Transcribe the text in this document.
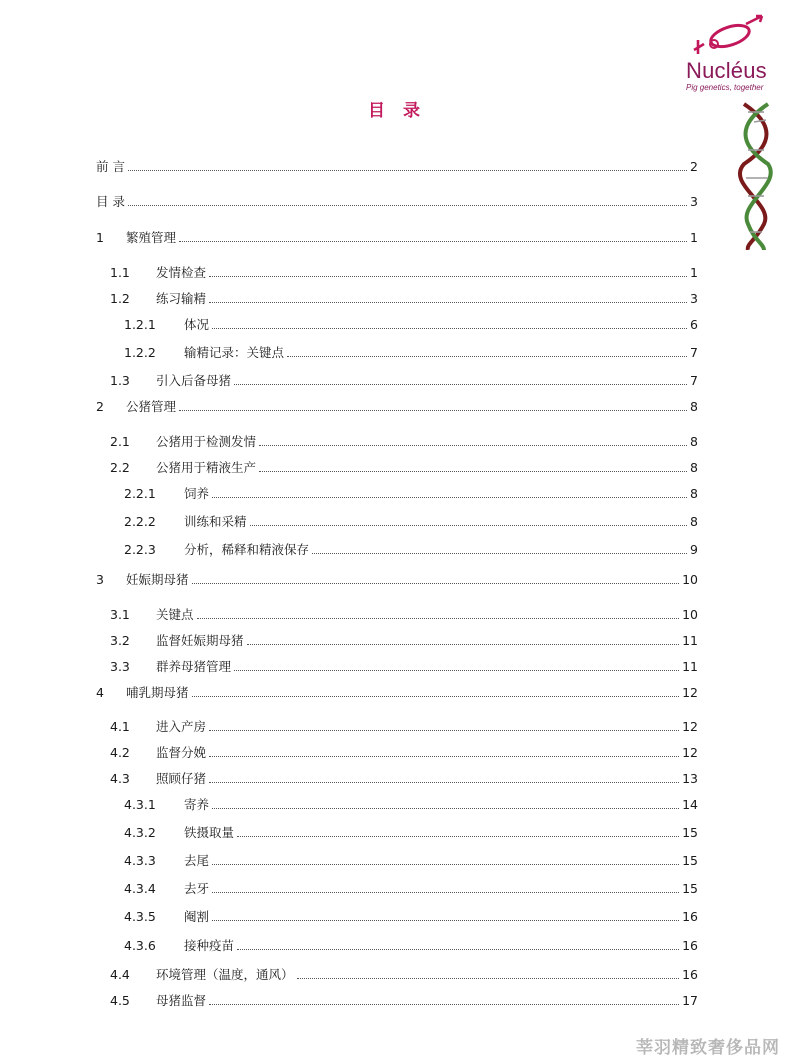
Nucléus
Pig genetics, together
目 录
前 言	2
目 录	3
1	繁殖管理	1
1.1	发情检查	1
1.2	练习输精	3
1.2.1	体况	6
1.2.2	输精记录：关键点	7
1.3	引入后备母猪	7
2	公猪管理	8
2.1	公猪用于检测发情	8
2.2	公猪用于精液生产	8
2.2.1	饲养	8
2.2.2	训练和采精	8
2.2.3	分析，稀释和精液保存	9
3	妊娠期母猪	10
3.1	关键点	10
3.2	监督妊娠期母猪	11
3.3	群养母猪管理	11
4	哺乳期母猪	12
4.1	进入产房	12
4.2	监督分娩	12
4.3	照顾仔猪	13
4.3.1	寄养	14
4.3.2	铁摄取量	15
4.3.3	去尾	15
4.3.4	去牙	15
4.3.5	阉割	16
4.3.6	接种疫苗	16
4.4	环境管理（温度，通风）	16
4.5	母猪监督	17
莘羽精致奢侈品网
